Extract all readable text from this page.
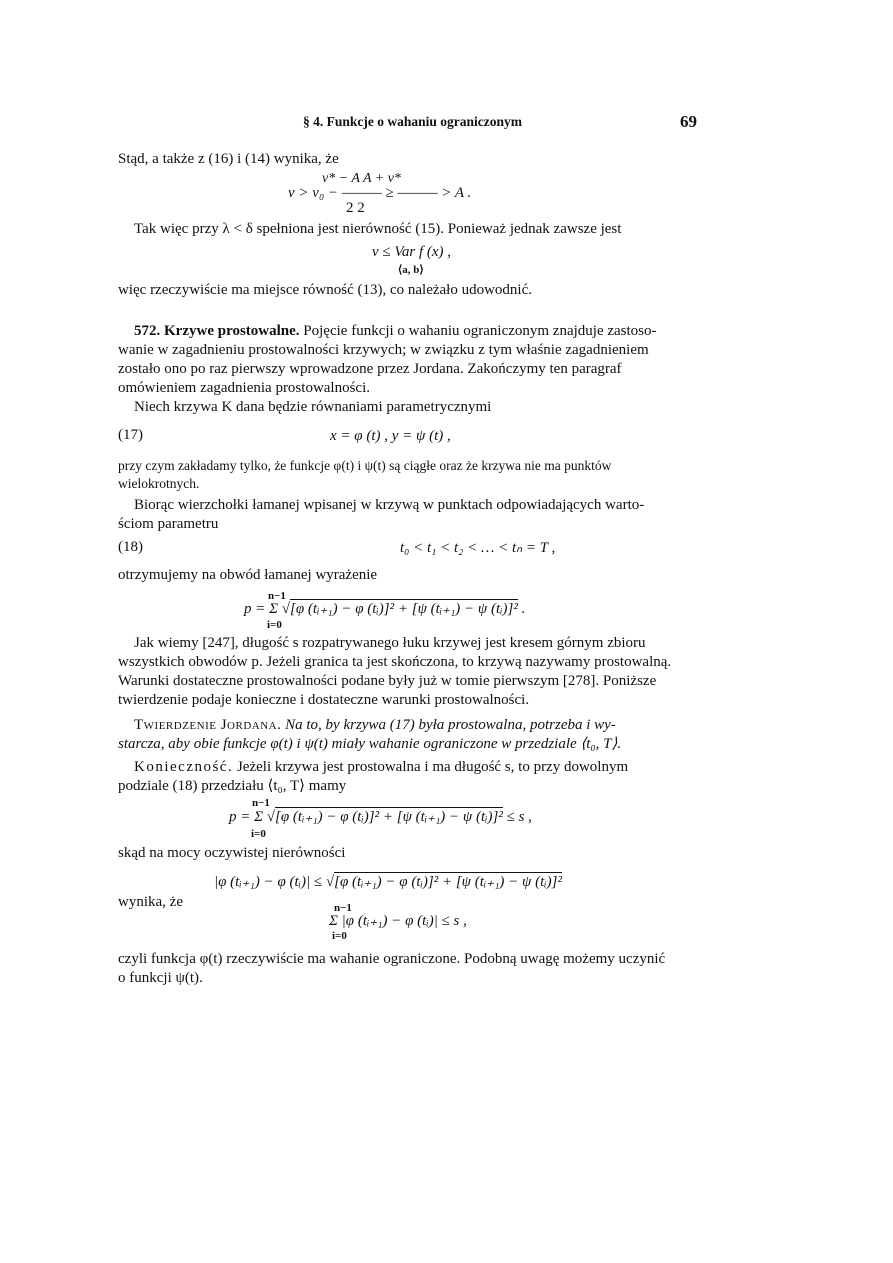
§ 4. Funkcje o wahaniu ograniczonym	69
Stąd, a także z (16) i (14) wynika, że
v* − A A + v*
v > v₀ − ——— ≥ ——— > A .
2 2
Tak więc przy λ < δ spełniona jest nierówność (15). Ponieważ jednak zawsze jest
v ≤ Var f (x) ,
⟨a, b⟩
więc rzeczywiście ma miejsce równość (13), co należało udowodnić.
572. Krzywe prostowalne. Pojęcie funkcji o wahaniu ograniczonym znajduje zastoso-
wanie w zagadnieniu prostowalności krzywych; w związku z tym właśnie zagadnieniem
zostało ono po raz pierwszy wprowadzone przez Jordana. Zakończymy ten paragraf
omówieniem zagadnienia prostowalności.
Niech krzywa K dana będzie równaniami parametrycznymi
(17)	x = φ (t) , y = ψ (t) ,
przy czym zakładamy tylko, że funkcje φ(t) i ψ(t) są ciągłe oraz że krzywa nie ma punktów
wielokrotnych.
Biorąc wierzchołki łamanej wpisanej w krzywą w punktach odpowiadających warto-
ściom parametru
(18)	t₀ < t₁ < t₂ < … < tₙ = T ,
otrzymujemy na obwód łamanej wyrażenie
n−1
p = Σ √[φ (tᵢ₊₁) − φ (tᵢ)]² + [ψ (tᵢ₊₁) − ψ (tᵢ)]² .
i=0
Jak wiemy [247], długość s rozpatrywanego łuku krzywej jest kresem górnym zbioru
wszystkich obwodów p. Jeżeli granica ta jest skończona, to krzywą nazywamy prostowalną.
Warunki dostateczne prostowalności podane były już w tomie pierwszym [278]. Poniższe
twierdzenie podaje konieczne i dostateczne warunki prostowalności.
Twierdzenie Jordana. Na to, by krzywa (17) była prostowalna, potrzeba i wy-
starcza, aby obie funkcje φ(t) i ψ(t) miały wahanie ograniczone w przedziale ⟨t₀, T⟩.
Konieczność. Jeżeli krzywa jest prostowalna i ma długość s, to przy dowolnym
podziale (18) przedziału ⟨t₀, T⟩ mamy
n−1
p = Σ √[φ (tᵢ₊₁) − φ (tᵢ)]² + [ψ (tᵢ₊₁) − ψ (tᵢ)]² ≤ s ,
i=0
skąd na mocy oczywistej nierówności
|φ (tᵢ₊₁) − φ (tᵢ)| ≤ √[φ (tᵢ₊₁) − φ (tᵢ)]² + [ψ (tᵢ₊₁) − ψ (tᵢ)]²
wynika, że	n−1
Σ |φ (tᵢ₊₁) − φ (tᵢ)| ≤ s ,
i=0
czyli funkcja φ(t) rzeczywiście ma wahanie ograniczone. Podobną uwagę możemy uczynić
o funkcji ψ(t).
